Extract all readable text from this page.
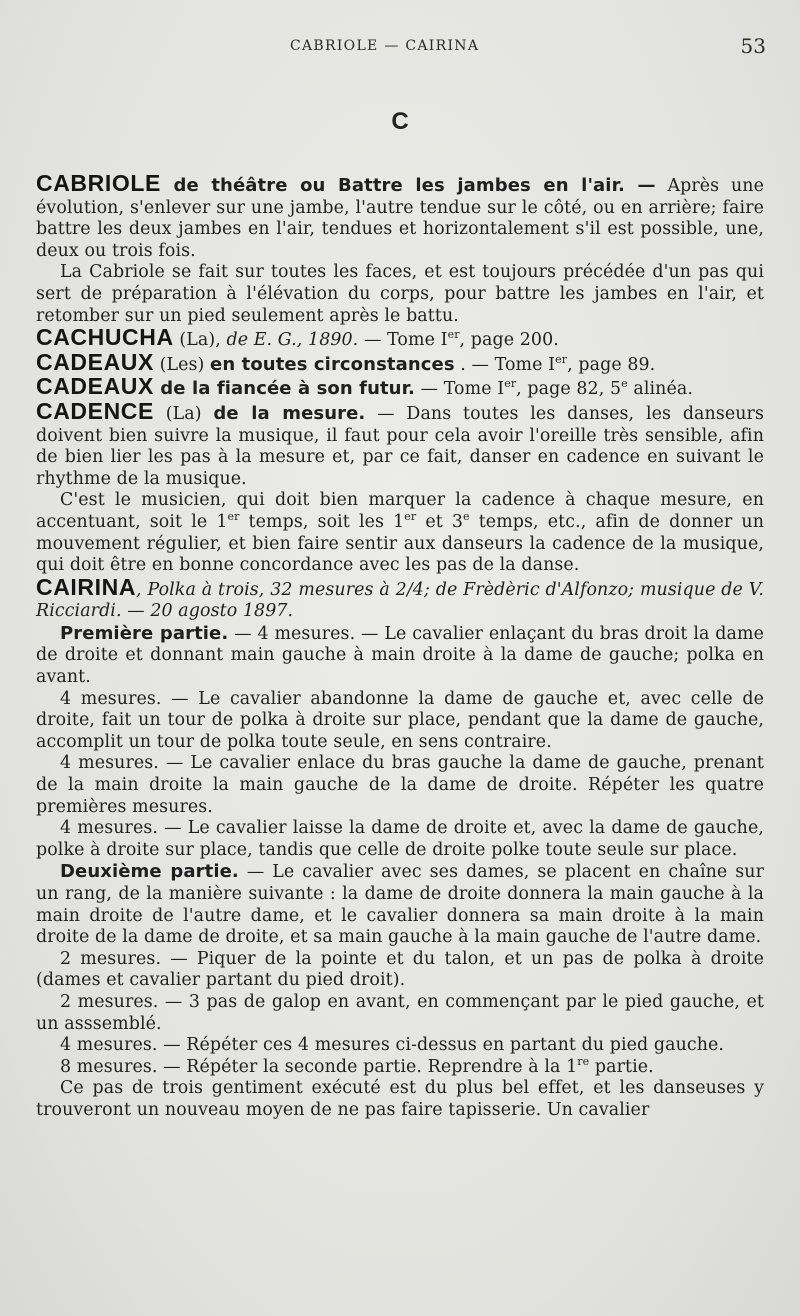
CABRIOLE — CAIRINA	53
C

CABRIOLE de théâtre ou Battre les jambes en l'air. — Après une évolution, s'enlever sur une jambe, l'autre tendue sur le côté, ou en arrière; faire battre les deux jambes en l'air, tendues et horizontalement s'il est possible, une, deux ou trois fois.

La Cabriole se fait sur toutes les faces, et est toujours précédée d'un pas qui sert de préparation à l'élévation du corps, pour battre les jambes en l'air, et retomber sur un pied seulement après le battu.

CACHUCHA (La), de E. G., 1890. — Tome Ier, page 200.

CADEAUX (Les) en toutes circonstances . — Tome Ier, page 89.

CADEAUX de la fiancée à son futur. — Tome Ier, page 82, 5e alinéa.

CADENCE (La) de la mesure. — Dans toutes les danses, les danseurs doivent bien suivre la musique, il faut pour cela avoir l'oreille très sensible, afin de bien lier les pas à la mesure et, par ce fait, danser en cadence en suivant le rhythme de la musique.

C'est le musicien, qui doit bien marquer la cadence à chaque mesure, en accentuant, soit le 1er temps, soit les 1er et 3e temps, etc., afin de donner un mouvement régulier, et bien faire sentir aux danseurs la cadence de la musique, qui doit être en bonne concordance avec les pas de la danse.

CAIRINA, Polka à trois, 32 mesures à 2/4; de Frèdèric d'Alfonzo; musique de V. Ricciardi. — 20 agosto 1897.

Première partie. — 4 mesures. — Le cavalier enlaçant du bras droit la dame de droite et donnant main gauche à main droite à la dame de gauche; polka en avant.

4 mesures. — Le cavalier abandonne la dame de gauche et, avec celle de droite, fait un tour de polka à droite sur place, pendant que la dame de gauche, accomplit un tour de polka toute seule, en sens contraire.

4 mesures. — Le cavalier enlace du bras gauche la dame de gauche, prenant de la main droite la main gauche de la dame de droite. Répéter les quatre premières mesures.

4 mesures. — Le cavalier laisse la dame de droite et, avec la dame de gauche, polke à droite sur place, tandis que celle de droite polke toute seule sur place.

Deuxième partie. — Le cavalier avec ses dames, se placent en chaîne sur un rang, de la manière suivante : la dame de droite donnera la main gauche à la main droite de l'autre dame, et le cavalier donnera sa main droite à la main droite de la dame de droite, et sa main gauche à la main gauche de l'autre dame.

2 mesures. — Piquer de la pointe et du talon, et un pas de polka à droite (dames et cavalier partant du pied droit).

2 mesures. — 3 pas de galop en avant, en commençant par le pied gauche, et un asssemblé.

4 mesures. — Répéter ces 4 mesures ci-dessus en partant du pied gauche.

8 mesures. — Répéter la seconde partie. Reprendre à la 1re partie.

Ce pas de trois gentiment exécuté est du plus bel effet, et les danseuses y trouveront un nouveau moyen de ne pas faire tapisserie. Un cavalier
